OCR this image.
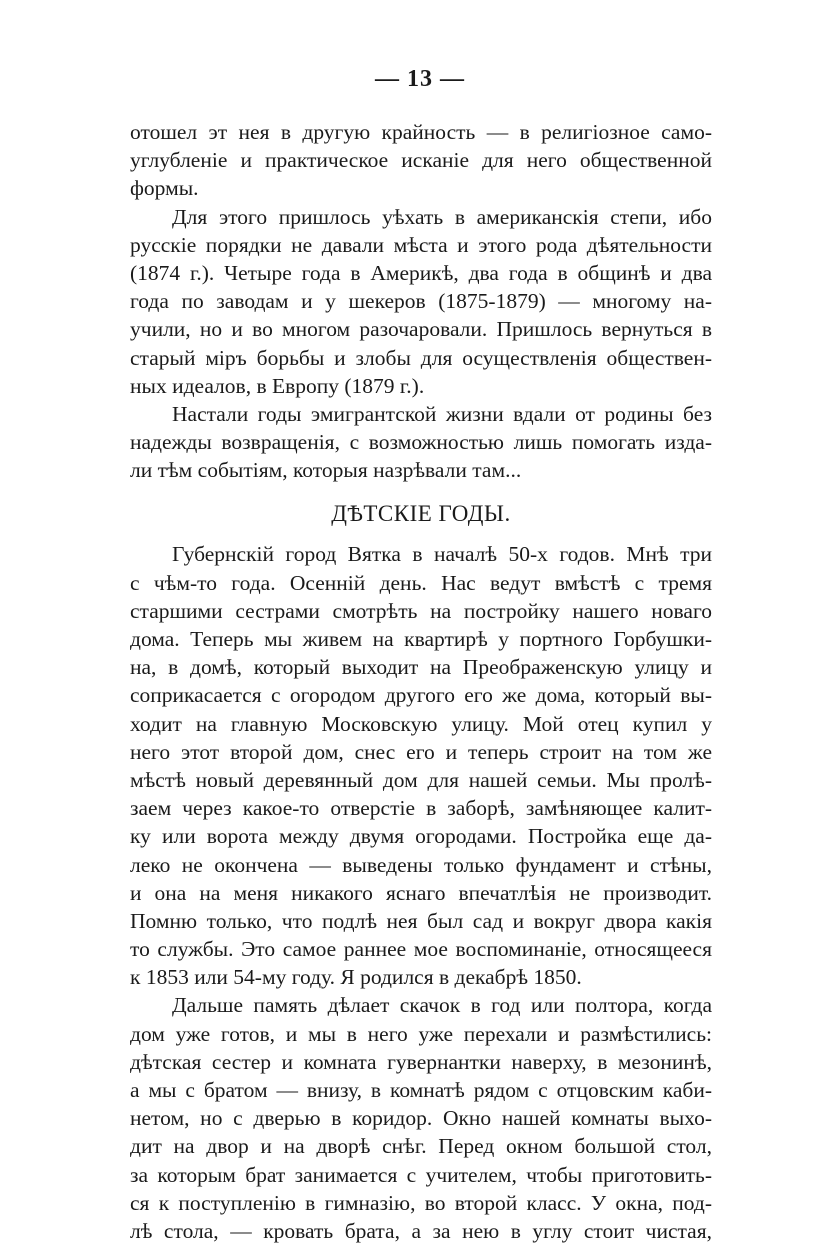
— 13 —
отошел эт нея в другую крайность — в религіозное само-
углубленіе и практическое исканіе для него общественной
формы.
Для этого пришлось уѣхать в американскія степи, ибо
русскіе порядки не давали мѣста и этого рода дѣятельности
(1874 г.). Четыре года в Америкѣ, два года в общинѣ и два
года по заводам и у шекеров (1875-1879) — многому на-
учили, но и во многом разочаровали. Пришлось вернуться в
старый міръ борьбы и злобы для осуществленія обществен-
ных идеалов, в Европу (1879 г.).
Настали годы эмигрантской жизни вдали от родины без
надежды возвращенія, с возможностью лишь помогать изда-
ли тѣм событіям, которыя назрѣвали там...
ДѢТСКІЕ ГОДЫ.
Губернскій город Вятка в началѣ 50-х годов. Мнѣ три
с чѣм-то года. Осенній день. Нас ведут вмѣстѣ с тремя
старшими сестрами смотрѣть на постройку нашего новаго
дома. Теперь мы живем на квартирѣ у портного Горбушки-
на, в домѣ, который выходит на Преображенскую улицу и
соприкасается с огородом другого его же дома, который вы-
ходит на главную Московскую улицу. Мой отец купил у
него этот второй дом, снес его и теперь строит на том же
мѣстѣ новый деревянный дом для нашей семьи. Мы пролѣ-
заем через какое-то отверстіе в заборѣ, замѣняющее калит-
ку или ворота между двумя огородами. Постройка еще да-
леко не окончена — выведены только фундамент и стѣны,
и она на меня никакого яснаго впечатлѣія не производит.
Помню только, что подлѣ нея был сад и вокруг двора какія
то службы. Это самое раннее мое воспоминаніе, относящееся
к 1853 или 54-му году. Я родился в декабрѣ 1850.
Дальше память дѣлает скачок в год или полтора, когда
дом уже готов, и мы в него уже перехали и размѣстились:
дѣтская сестер и комната гувернантки наверху, в мезонинѣ,
а мы с братом — внизу, в комнатѣ рядом с отцовским каби-
нетом, но с дверью в коридор. Окно нашей комнаты выхо-
дит на двор и на дворѣ снѣг. Перед окном большой стол,
за которым брат занимается с учителем, чтобы приготовить-
ся к поступленію в гимназію, во второй класс. У окна, под-
лѣ стола, — кровать брата, а за нею в углу стоит чистая,
